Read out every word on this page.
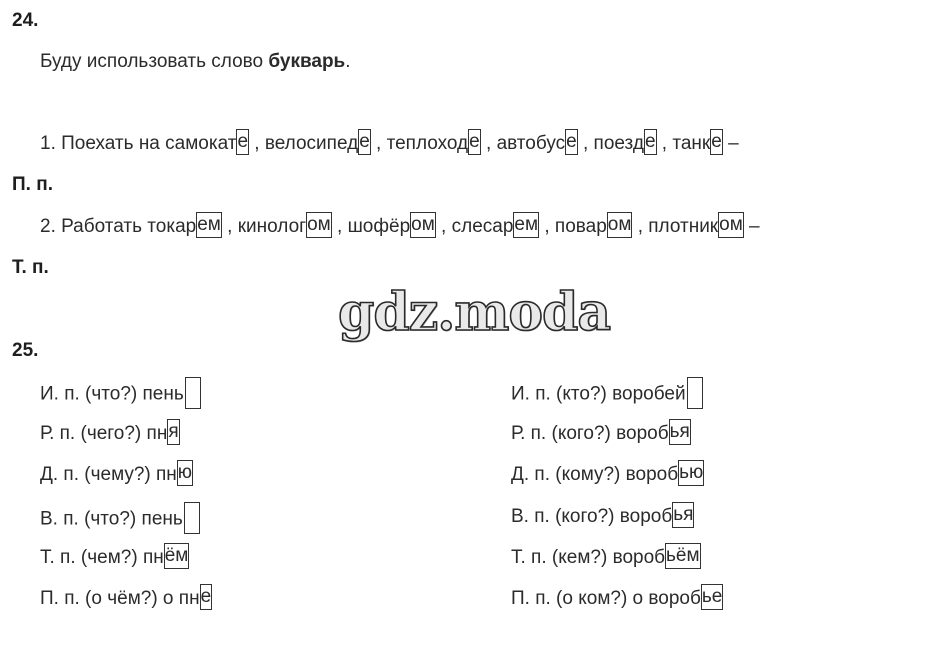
24.
Буду использовать слово букварь.
1. Поехать на самокате , велосипеде , теплоходе , автобусе , поезде , танке –
П. п.
2. Работать токарем , кинологом , шофёром , слесарем , поваром , плотником –
Т. п.
gdz.moda
25.
И. п. (что?) пень
Р. п. (чего?) пня
Д. п. (чему?) пню
В. п. (что?) пень
Т. п. (чем?) пнём
П. п. (о чём?) о пне
И. п. (кто?) воробей
Р. п. (кого?) воробья
Д. п. (кому?) воробью
В. п. (кого?) воробья
Т. п. (кем?) воробьём
П. п. (о ком?) о воробье
